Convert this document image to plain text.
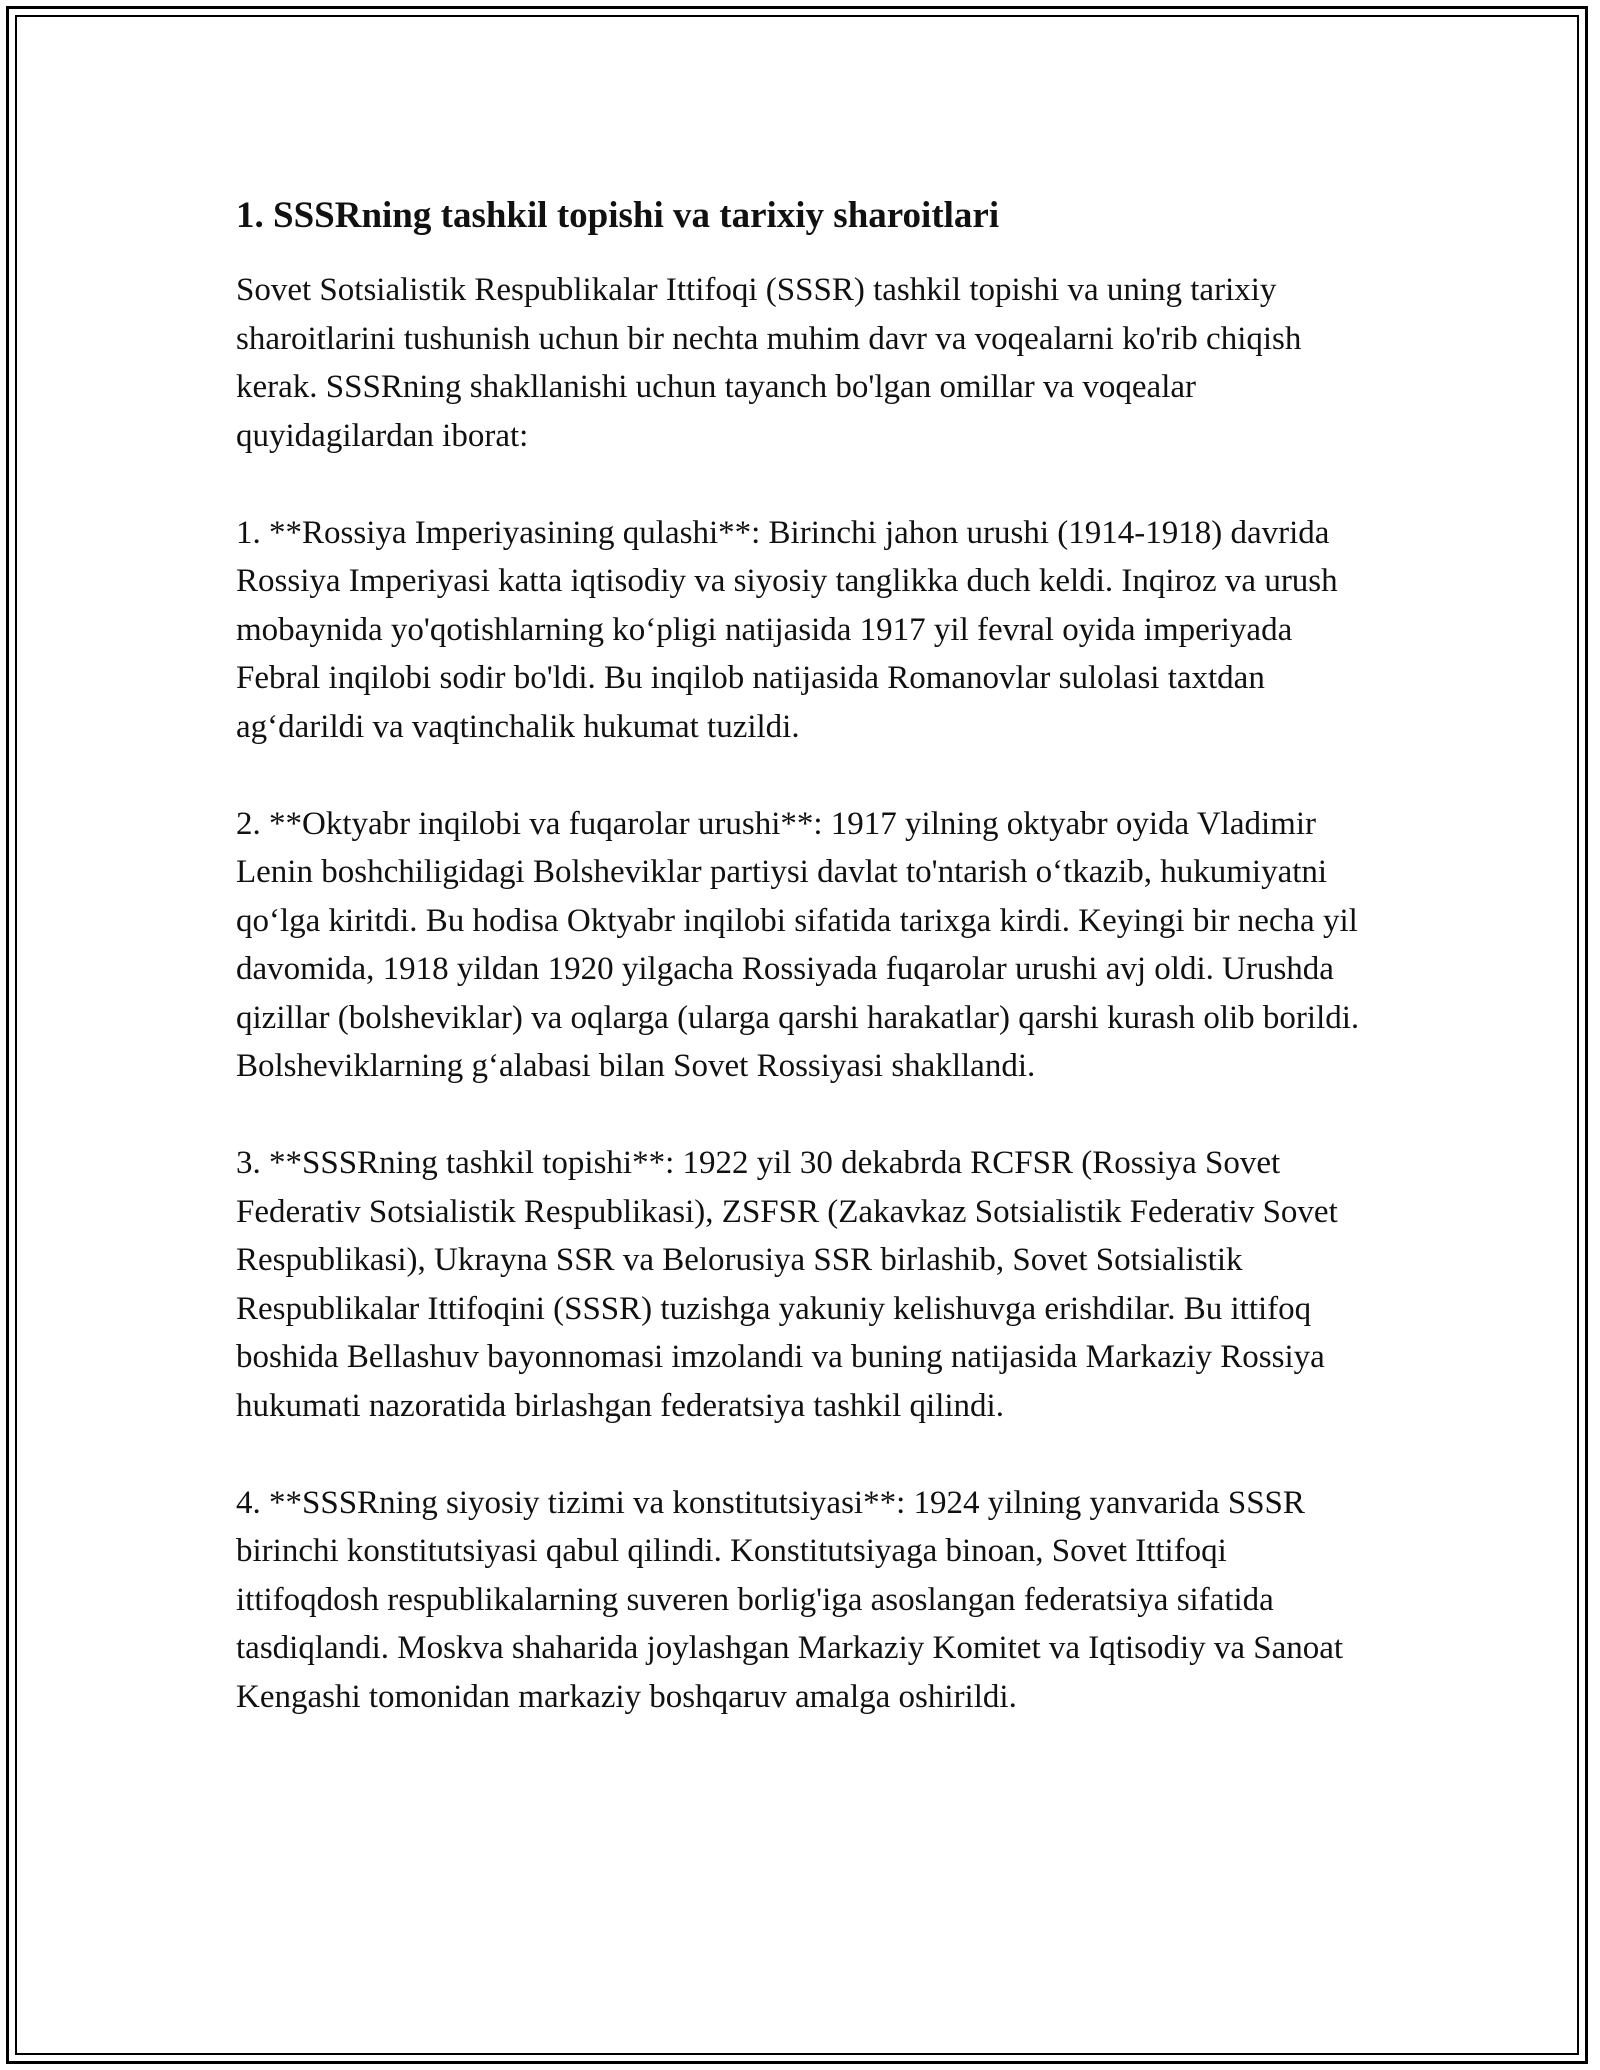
1. SSSRning tashkil topishi va tarixiy sharoitlari

Sovet Sotsialistik Respublikalar Ittifoqi (SSSR) tashkil topishi va uning tarixiy sharoitlarini tushunish uchun bir nechta muhim davr va voqealarni ko'rib chiqish kerak. SSSRning shakllanishi uchun tayanch bo'lgan omillar va voqealar quyidagilardan iborat:

1. **Rossiya Imperiyasining qulashi**: Birinchi jahon urushi (1914-1918) davrida Rossiya Imperiyasi katta iqtisodiy va siyosiy tanglikka duch keldi. Inqiroz va urush mobaynida yo'qotishlarning koʻpligi natijasida 1917 yil fevral oyida imperiyada Febral inqilobi sodir bo'ldi. Bu inqilob natijasida Romanovlar sulolasi taxtdan agʻdarildi va vaqtinchalik hukumat tuzildi.

2. **Oktyabr inqilobi va fuqarolar urushi**: 1917 yilning oktyabr oyida Vladimir Lenin boshchiligidagi Bolsheviklar partiysi davlat to'ntarish oʻtkazib, hukumiyatni qoʻlga kiritdi. Bu hodisa Oktyabr inqilobi sifatida tarixga kirdi. Keyingi bir necha yil davomida, 1918 yildan 1920 yilgacha Rossiyada fuqarolar urushi avj oldi. Urushda qizillar (bolsheviklar) va oqlarga (ularga qarshi harakatlar) qarshi kurash olib borildi. Bolsheviklarning gʻalabasi bilan Sovet Rossiyasi shakllandi.

3. **SSSRning tashkil topishi**: 1922 yil 30 dekabrda RCFSR (Rossiya Sovet Federativ Sotsialistik Respublikasi), ZSFSR (Zakavkaz Sotsialistik Federativ Sovet Respublikasi), Ukrayna SSR va Belorusiya SSR birlashib, Sovet Sotsialistik Respublikalar Ittifoqini (SSSR) tuzishga yakuniy kelishuvga erishdilar. Bu ittifoq boshida Bellashuv bayonnomasi imzolandi va buning natijasida Markaziy Rossiya hukumati nazoratida birlashgan federatsiya tashkil qilindi.

4. **SSSRning siyosiy tizimi va konstitutsiyasi**: 1924 yilning yanvarida SSSR birinchi konstitutsiyasi qabul qilindi. Konstitutsiyaga binoan, Sovet Ittifoqi ittifoqdosh respublikalarning suveren borlig'iga asoslangan federatsiya sifatida tasdiqlandi. Moskva shaharida joylashgan Markaziy Komitet va Iqtisodiy va Sanoat Kengashi tomonidan markaziy boshqaruv amalga oshirildi.
